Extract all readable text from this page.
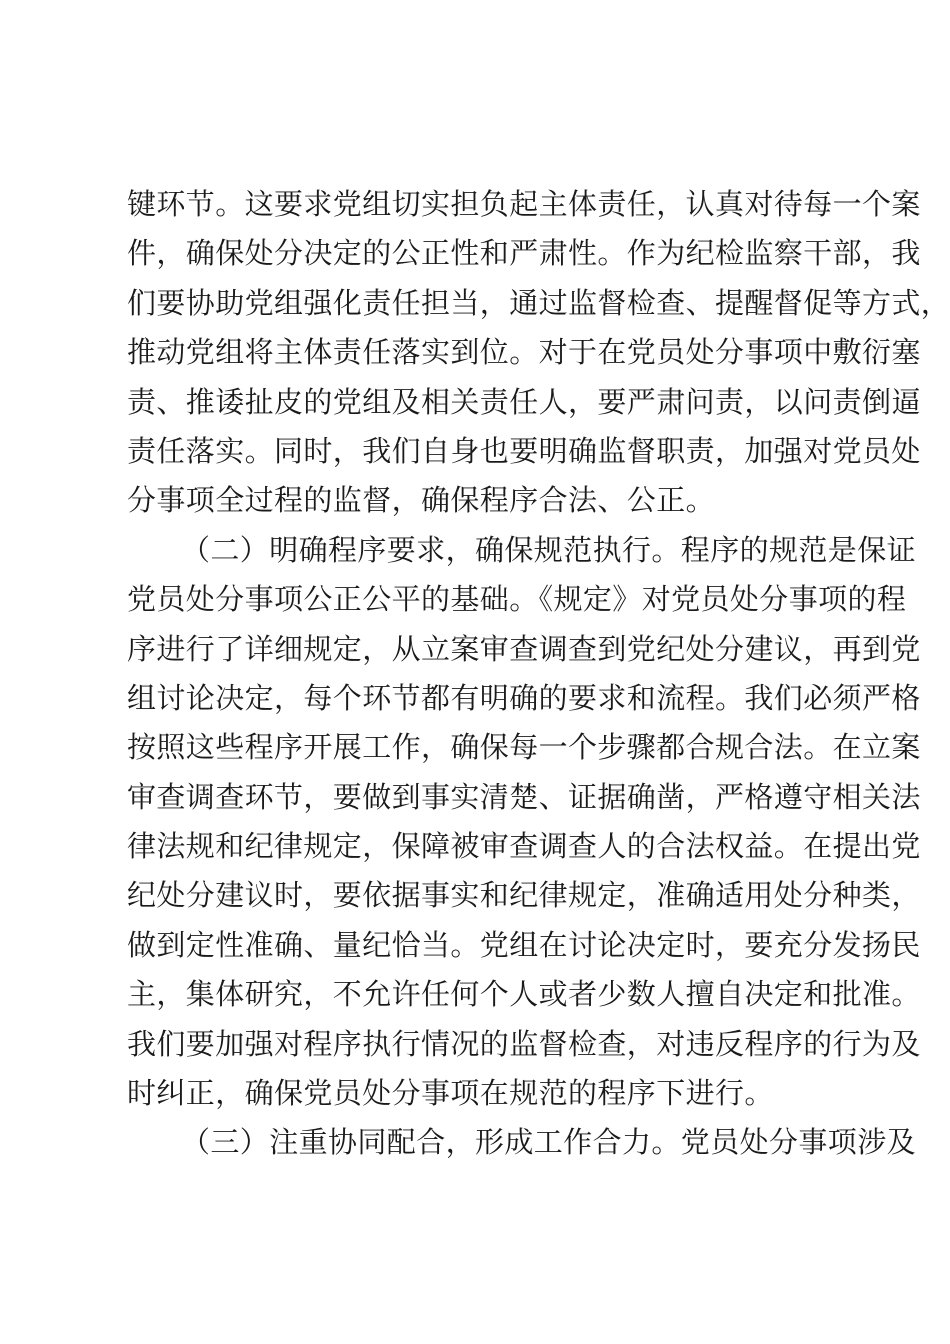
键环节。这要求党组切实担负起主体责任，认真对待每一个案
件，确保处分决定的公正性和严肃性。作为纪检监察干部，我
们要协助党组强化责任担当，通过监督检查、提醒督促等方式，
推动党组将主体责任落实到位。对于在党员处分事项中敷衍塞
责、推诿扯皮的党组及相关责任人，要严肃问责，以问责倒逼
责任落实。同时，我们自身也要明确监督职责，加强对党员处
分事项全过程的监督，确保程序合法、公正。
（二）明确程序要求，确保规范执行。程序的规范是保证
党员处分事项公正公平的基础。《规定》对党员处分事项的程
序进行了详细规定，从立案审查调查到党纪处分建议，再到党
组讨论决定，每个环节都有明确的要求和流程。我们必须严格
按照这些程序开展工作，确保每一个步骤都合规合法。在立案
审查调查环节，要做到事实清楚、证据确凿，严格遵守相关法
律法规和纪律规定，保障被审查调查人的合法权益。在提出党
纪处分建议时，要依据事实和纪律规定，准确适用处分种类，
做到定性准确、量纪恰当。党组在讨论决定时，要充分发扬民
主，集体研究，不允许任何个人或者少数人擅自决定和批准。
我们要加强对程序执行情况的监督检查，对违反程序的行为及
时纠正，确保党员处分事项在规范的程序下进行。
（三）注重协同配合，形成工作合力。党员处分事项涉及
